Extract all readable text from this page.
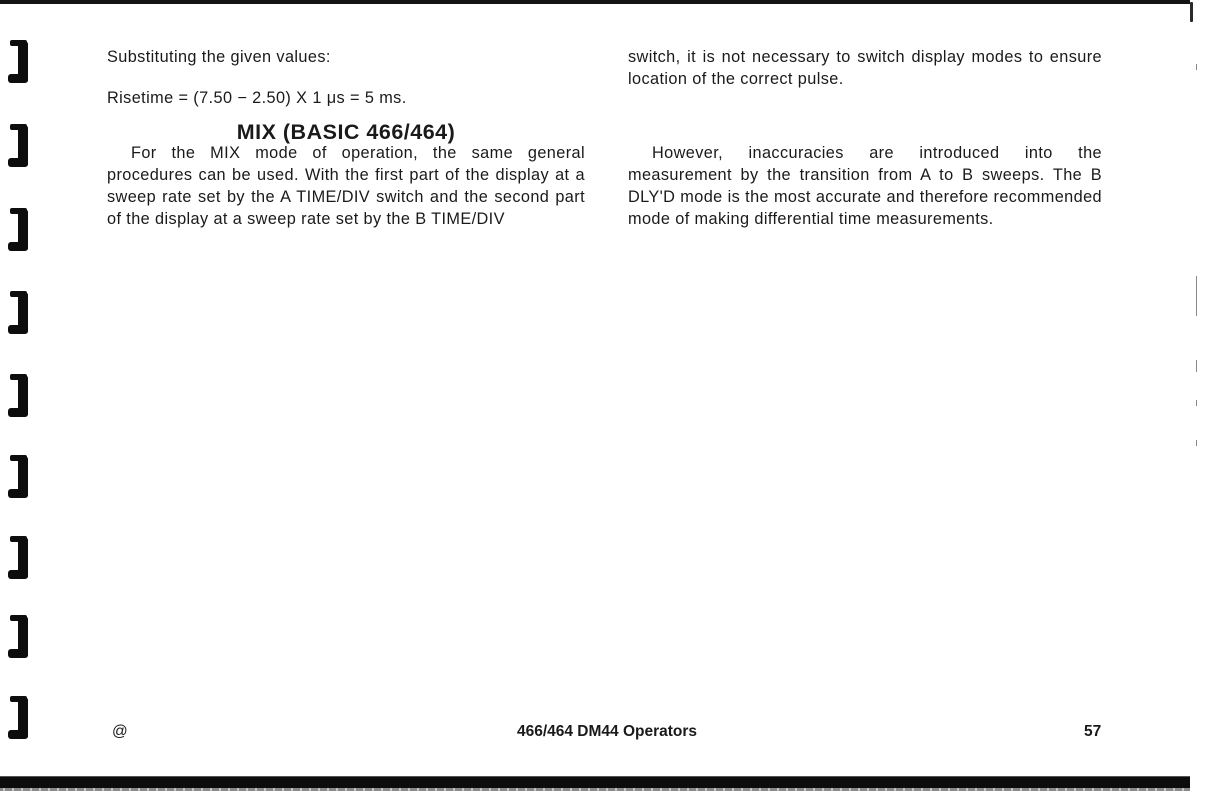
Substituting the given values:

Risetime = (7.50 − 2.50) X 1 μs = 5 ms.

MIX (BASIC 466/464)

For the MIX mode of operation, the same general procedures can be used. With the first part of the display at a sweep rate set by the A TIME/DIV switch and the second part of the display at a sweep rate set by the B TIME/DIV

switch, it is not necessary to switch display modes to ensure location of the correct pulse.

However, inaccuracies are introduced into the measurement by the transition from A to B sweeps. The B DLY'D mode is the most accurate and therefore recommended mode of making differential time measurements.

@	466/464 DM44 Operators	57
